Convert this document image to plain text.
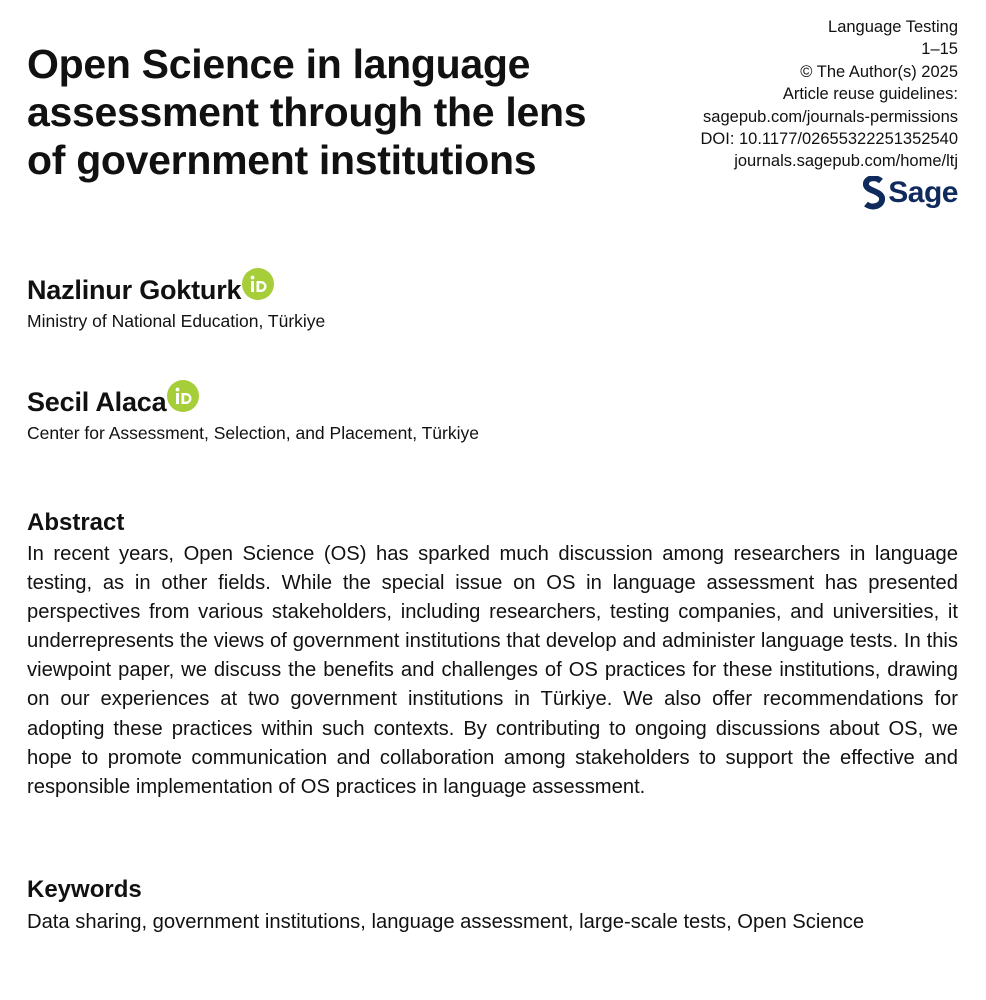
Open Science in language assessment through the lens of government institutions
Language Testing
1–15
© The Author(s) 2025
Article reuse guidelines:
sagepub.com/journals-permissions
DOI: 10.1177/02655322251352540
journals.sagepub.com/home/ltj
Sage
Nazlinur Gokturk
Ministry of National Education, Türkiye
Secil Alaca
Center for Assessment, Selection, and Placement, Türkiye
Abstract

In recent years, Open Science (OS) has sparked much discussion among researchers in language testing, as in other fields. While the special issue on OS in language assessment has presented perspectives from various stakeholders, including researchers, testing companies, and universities, it underrepresents the views of government institutions that develop and administer language tests. In this viewpoint paper, we discuss the benefits and challenges of OS practices for these institutions, drawing on our experiences at two government institutions in Türkiye. We also offer recommendations for adopting these practices within such contexts. By contributing to ongoing discussions about OS, we hope to promote communication and collaboration among stakeholders to support the effective and responsible implementation of OS practices in language assessment.

Keywords

Data sharing, government institutions, language assessment, large-scale tests, Open Science
